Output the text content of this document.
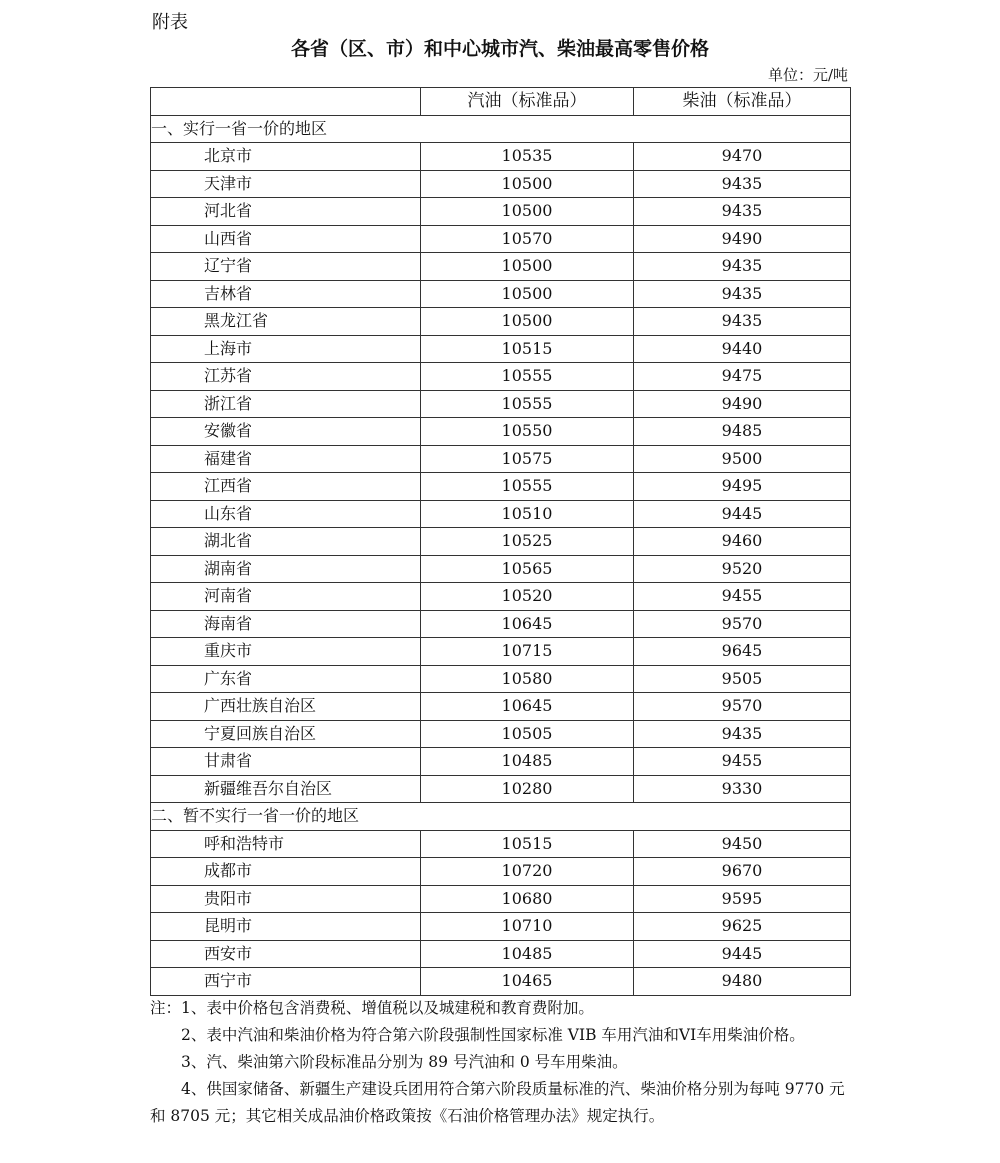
附表
各省（区、市）和中心城市汽、柴油最高零售价格
单位：元/吨
	汽油（标准品）	柴油（标准品）
一、实行一省一价的地区		
北京市	10535	9470
天津市	10500	9435
河北省	10500	9435
山西省	10570	9490
辽宁省	10500	9435
吉林省	10500	9435
黑龙江省	10500	9435
上海市	10515	9440
江苏省	10555	9475
浙江省	10555	9490
安徽省	10550	9485
福建省	10575	9500
江西省	10555	9495
山东省	10510	9445
湖北省	10525	9460
湖南省	10565	9520
河南省	10520	9455
海南省	10645	9570
重庆市	10715	9645
广东省	10580	9505
广西壮族自治区	10645	9570
宁夏回族自治区	10505	9435
甘肃省	10485	9455
新疆维吾尔自治区	10280	9330
二、暂不实行一省一价的地区		
呼和浩特市	10515	9450
成都市	10720	9670
贵阳市	10680	9595
昆明市	10710	9625
西安市	10485	9445
西宁市	10465	9480

注：1、表中价格包含消费税、增值税以及城建税和教育费附加。

2、表中汽油和柴油价格为符合第六阶段强制性国家标准 VIB 车用汽油和VI车用柴油价格。

3、汽、柴油第六阶段标准品分别为 89 号汽油和 0 号车用柴油。

4、供国家储备、新疆生产建设兵团用符合第六阶段质量标准的汽、柴油价格分别为每吨 9770 元和 8705 元；其它相关成品油价格政策按《石油价格管理办法》规定执行。
